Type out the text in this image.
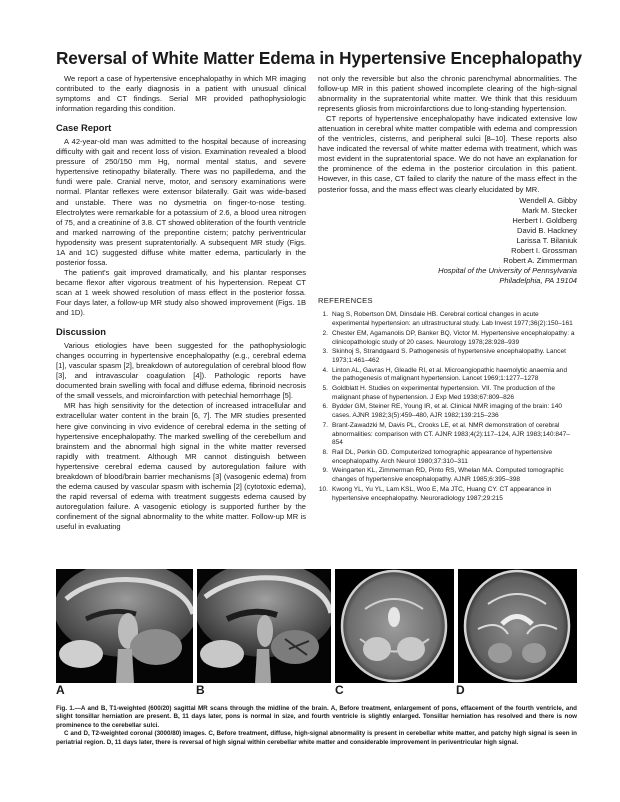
Reversal of White Matter Edema in Hypertensive Encephalopathy

We report a case of hypertensive encephalopathy in which MR imaging contributed to the early diagnosis in a patient with unusual clinical symptoms and CT findings. Serial MR provided pathophysiologic information regarding this condition.

Case Report

A 42-year-old man was admitted to the hospital because of increasing difficulty with gait and recent loss of vision. Examination revealed a blood pressure of 250/150 mm Hg, normal mental status, and severe hypertensive retinopathy bilaterally. There was no papilledema, and the fundi were pale. Cranial nerve, motor, and sensory examinations were normal. Plantar reflexes were extensor bilaterally. Gait was wide-based and unstable. There was no dysmetria on finger-to-nose testing. Electrolytes were remarkable for a potassium of 2.6, a blood urea nitrogen of 75, and a creatinine of 3.8. CT showed obliteration of the fourth ventricle and marked narrowing of the prepontine cistern; patchy periventricular hypodensity was present supratentorially. A subsequent MR study (Figs. 1A and 1C) suggested diffuse white matter edema, particularly in the posterior fossa.

The patient's gait improved dramatically, and his plantar responses became flexor after vigorous treatment of his hypertension. Repeat CT scan at 1 week showed resolution of mass effect in the posterior fossa. Four days later, a follow-up MR study also showed improvement (Figs. 1B and 1D).

Discussion

Various etiologies have been suggested for the pathophysiologic changes occurring in hypertensive encephalopathy (e.g., cerebral edema [1], vascular spasm [2], breakdown of autoregulation of cerebral blood flow [3], and intravascular coagulation [4]). Pathologic reports have documented brain swelling with focal and diffuse edema, fibrinoid necrosis of the small vessels, and microinfarction with petechial hemorrhage [5].

MR has high sensitivity for the detection of increased intracellular and extracellular water content in the brain [6, 7]. The MR studies presented here give convincing in vivo evidence of cerebral edema in the setting of hypertensive encephalopathy. The marked swelling of the cerebellum and brainstem and the abnormal high signal in the white matter reversed rapidly with treatment. Although MR cannot distinguish between hypertensive cerebral edema caused by autoregulation failure with breakdown of blood/brain barrier mechanisms [3] (vasogenic edema) from the edema caused by vascular spasm with ischemia [2] (cytotoxic edema), the rapid reversal of edema with treatment suggests edema caused by autoregulation failure. A vasogenic etiology is supported further by the confinement of the signal abnormality to the white matter. Follow-up MR is useful in evaluating

not only the reversible but also the chronic parenchymal abnormalities. The follow-up MR in this patient showed incomplete clearing of the high-signal abnormality in the supratentorial white matter. We think that this residuum represents gliosis from microinfarctions due to long-standing hypertension.

CT reports of hypertensive encephalopathy have indicated extensive low attenuation in cerebral white matter compatible with edema and compression of the ventricles, cisterns, and peripheral sulci [8–10]. These reports also have indicated the reversal of white matter edema with treatment, which was most evident in the supratentorial space. We do not have an explanation for the prominence of the edema in the posterior circulation in this patient. However, in this case, CT failed to clarify the nature of the mass effect in the posterior fossa, and the mass effect was clearly elucidated by MR.

Wendell A. Gibby
Mark M. Stecker
Herbert I. Goldberg
David B. Hackney
Larissa T. Bilaniuk
Robert I. Grossman
Robert A. Zimmerman
Hospital of the University of Pennsylvania
Philadelphia, PA 19104
REFERENCES
1. Nag S, Robertson DM, Dinsdale HB. Cerebral cortical changes in acute experimental hypertension: an ultrastructural study. Lab Invest 1977;36(2):150–161
2. Chester EM, Agamanolis DP, Banker BQ, Victor M. Hypertensive encephalopathy: a clinicopathologic study of 20 cases. Neurology 1978;28:928–939
3. Skinhoj S, Strandgaard S. Pathogenesis of hypertensive encephalopathy. Lancet 1973;1:461–462
4. Linton AL, Gavras H, Gleadle RI, et al. Microangiopathic haemolytic anaemia and the pathogenesis of malignant hypertension. Lancet 1969;1:1277–1278
5. Goldblatt H. Studies on experimental hypertension. VII. The production of the malignant phase of hypertension. J Exp Med 1938;67:809–826
6. Bydder GM, Steiner RE, Young IR, et al. Clinical NMR imaging of the brain: 140 cases. AJNR 1982;3(5):459–480, AJR 1982;139:215–236
7. Brant-Zawadzki M, Davis PL, Crooks LE, et al. NMR demonstration of cerebral abnormalities: comparison with CT. AJNR 1983;4(2):117–124, AJR 1983;140:847–854
8. Rail DL, Perkin GD. Computerized tomographic appearance of hypertensive encephalopathy. Arch Neurol 1980;37:310–311
9. Weingarten KL, Zimmerman RD, Pinto RS, Whelan MA. Computed tomographic changes of hypertensive encephalopathy. AJNR 1985;6:395–398
10. Kwong YL, Yu YL, Lam KSL, Woo E, Ma JTC, Huang CY. CT appearance in hypertensive encephalopathy. Neuroradiology 1987;29:215
A	B	C	D

Fig. 1.—A and B, T1-weighted (600/20) sagittal MR scans through the midline of the brain. A, Before treatment, enlargement of pons, effacement of the fourth ventricle, and slight tonsillar herniation are present. B, 11 days later, pons is normal in size, and fourth ventricle is slightly enlarged. Tonsillar herniation has resolved and there is now prominence to the cerebellar sulci.

C and D, T2-weighted coronal (3000/80) images. C, Before treatment, diffuse, high-signal abnormality is present in cerebellar white matter, and patchy high signal is seen in periatrial region. D, 11 days later, there is reversal of high signal within cerebellar white matter and considerable improvement in periventricular high signal.
